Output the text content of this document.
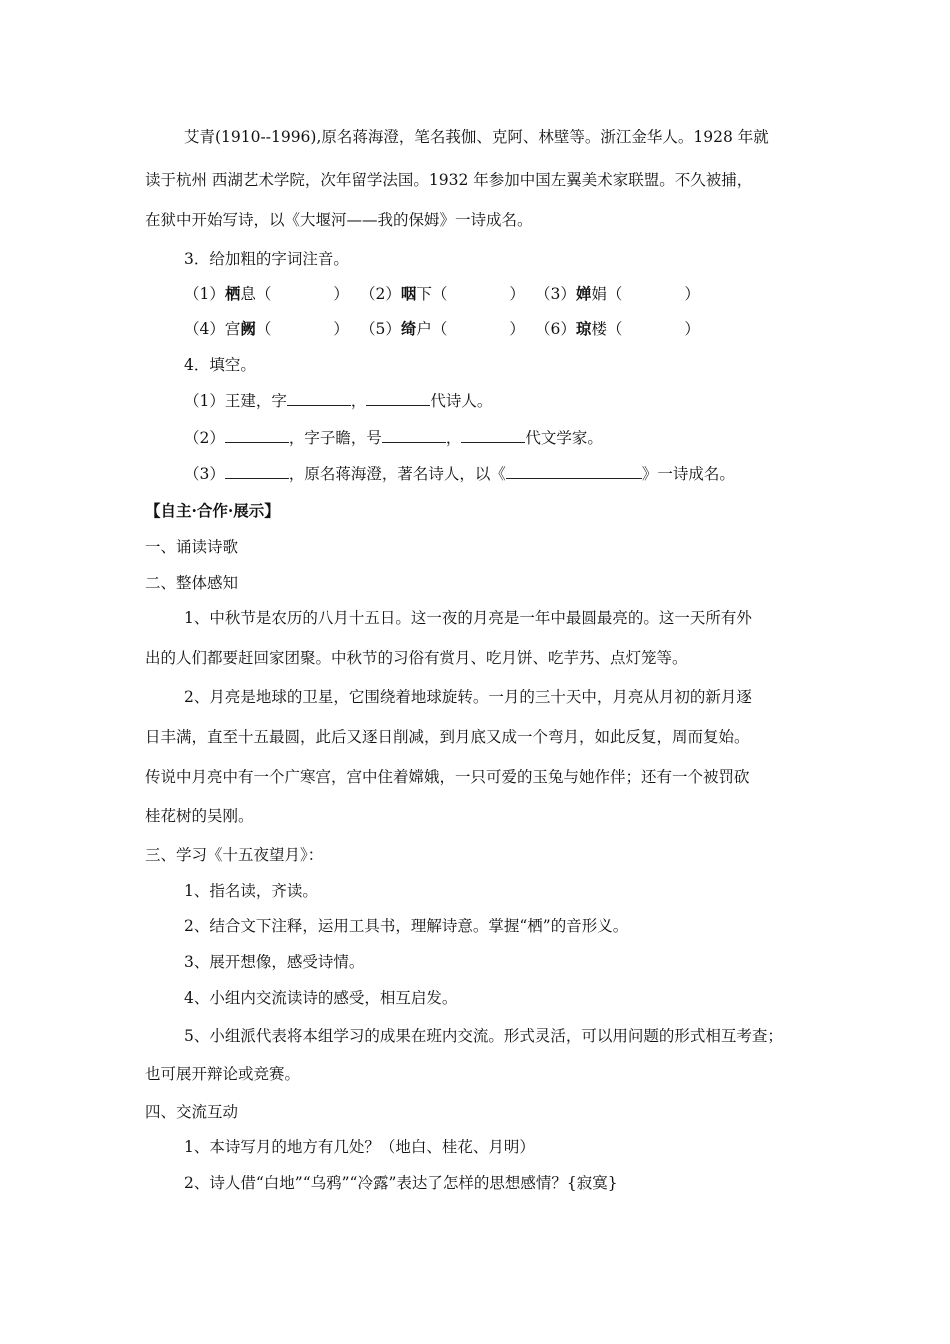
艾青(1910--1996),原名蒋海澄，笔名莪伽、克阿、林壁等。浙江金华人。1928 年就
读于杭州 西湖艺术学院，次年留学法国。1932 年参加中国左翼美术家联盟。不久被捕，
在狱中开始写诗，以《大堰河——我的保姆》一诗成名。
3．给加粗的字词注音。
（1）栖息（　　　　） （2）咽下（　　　　） （3）婵娟（　　　　）
（4）宫阙（　　　　） （5）绮户（　　　　） （6）琼楼（　　　　）
4．填空。
（1）王建，字	，	代诗人。
（2）	，字子瞻，号	，	代文学家。
（3）	，原名蒋海澄，著名诗人，以《	》一诗成名。
【自主·合作·展示】
一、诵读诗歌
二、整体感知
1、中秋节是农历的八月十五日。这一夜的月亮是一年中最圆最亮的。这一天所有外
出的人们都要赶回家团聚。中秋节的习俗有赏月、吃月饼、吃芋艿、点灯笼等。
2、月亮是地球的卫星，它围绕着地球旋转。一月的三十天中，月亮从月初的新月逐
日丰满，直至十五最圆，此后又逐日削减，到月底又成一个弯月，如此反复，周而复始。
传说中月亮中有一个广寒宫，宫中住着嫦娥，一只可爱的玉兔与她作伴；还有一个被罚砍
桂花树的吴刚。
三、学习《十五夜望月》：
1、指名读，齐读。
2、结合文下注释，运用工具书，理解诗意。掌握“栖”的音形义。
3、展开想像，感受诗情。
4、小组内交流读诗的感受，相互启发。
5、小组派代表将本组学习的成果在班内交流。形式灵活，可以用问题的形式相互考查；
也可展开辩论或竞赛。
四、交流互动
1、本诗写月的地方有几处？（地白、桂花、月明）
2、诗人借“白地”“乌鸦”“冷露”表达了怎样的思想感情？{寂寞}
